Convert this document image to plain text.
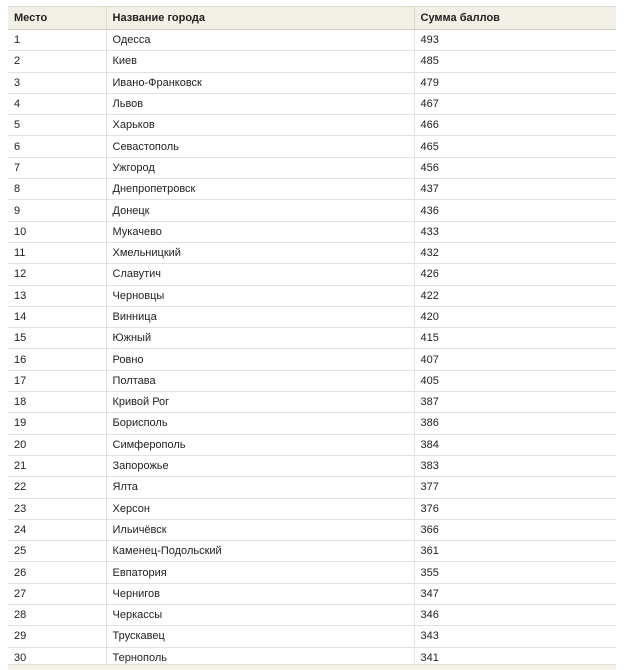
Место	Название города	Сумма баллов
1	Одесса	493
2	Киев	485
3	Ивано-Франковск	479
4	Львов	467
5	Харьков	466
6	Севастополь	465
7	Ужгород	456
8	Днепропетровск	437
9	Донецк	436
10	Мукачево	433
11	Хмельницкий	432
12	Славутич	426
13	Черновцы	422
14	Винница	420
15	Южный	415
16	Ровно	407
17	Полтава	405
18	Кривой Рог	387
19	Борисполь	386
20	Симферополь	384
21	Запорожье	383
22	Ялта	377
23	Херсон	376
24	Ильичёвск	366
25	Каменец-Подольский	361
26	Евпатория	355
27	Чернигов	347
28	Черкассы	346
29	Трускавец	343
30	Тернополь	341
